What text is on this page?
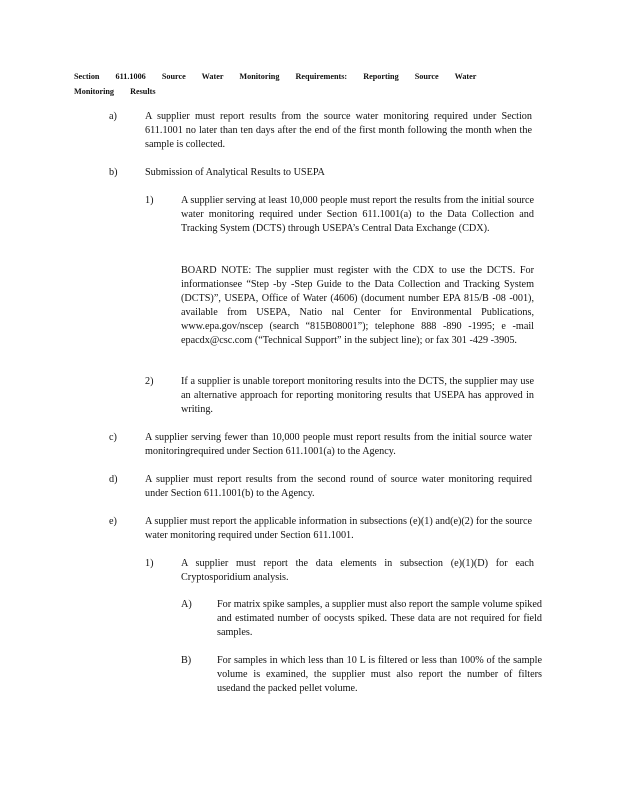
Section 611.1006 Source Water Monitoring Requirements: Reporting Source Water Monitoring Results
a)	A supplier must report results from the source water monitoring required under Section 611.1001 no later than ten days after the end of the first month following the month when the sample is collected.
b)	Submission of Analytical Results to USEPA
1)	A supplier serving at least 10,000 people must report the results from the initial source water monitoring required under Section 611.1001(a) to the Data Collection and Tracking System (DCTS) through USEPA’s Central Data Exchange (CDX).
BOARD NOTE: The supplier must register with the CDX to use the DCTS. For informationsee “Step -by -Step Guide to the Data Collection and Tracking System (DCTS)”, USEPA, Office of Water (4606) (document number EPA 815/B -08 -001), available from USEPA, Natio nal Center for Environmental Publications, www.epa.gov/nscep (search “815B08001”); telephone 888 -890 -1995; e -mail epacdx@csc.com (“Technical Support” in the subject line); or fax 301 -429 -3905.
2)	If a supplier is unable toreport monitoring results into the DCTS, the supplier may use an alternative approach for reporting monitoring results that USEPA has approved in writing.
c)	A supplier serving fewer than 10,000 people must report results from the initial source water monitoringrequired under Section 611.1001(a) to the Agency.
d)	A supplier must report results from the second round of source water monitoring required under Section 611.1001(b) to the Agency.
e)	A supplier must report the applicable information in subsections (e)(1) and(e)(2) for the source water monitoring required under Section 611.1001.
1)	A supplier must report the data elements in subsection (e)(1)(D) for each Cryptosporidium analysis.
A) For matrix spike samples, a supplier must also report the sample volume spiked and estimated number of oocysts spiked. These data are not required for field samples.
B)	For samples in which less than 10 L is filtered or less than 100% of the sample volume is examined, the supplier must also report the number of filters usedand the packed pellet volume.
